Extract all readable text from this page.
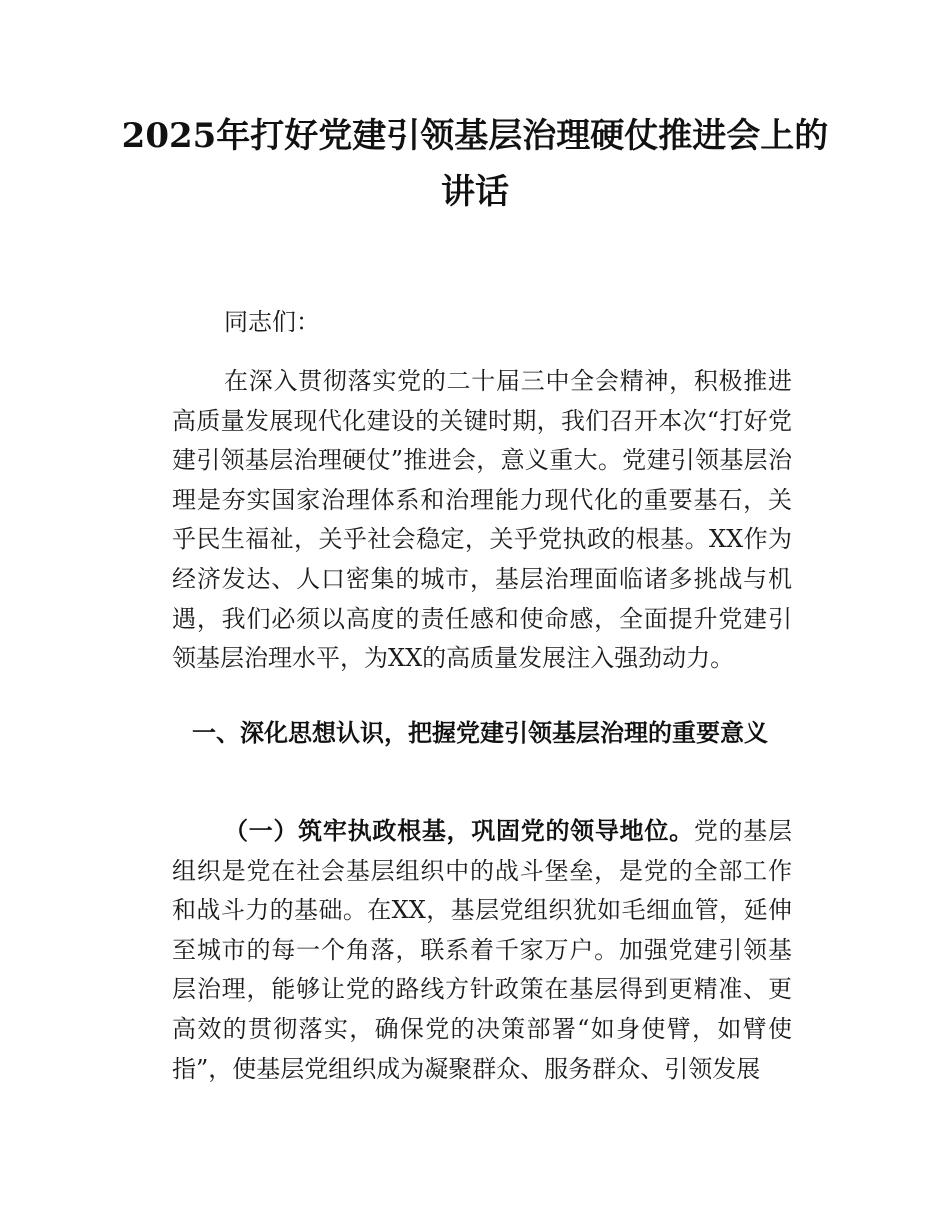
2025年打好党建引领基层治理硬仗推进会上的讲话

同志们：

在深入贯彻落实党的二十届三中全会精神，积极推进高质量发展现代化建设的关键时期，我们召开本次“打好党建引领基层治理硬仗”推进会，意义重大。党建引领基层治理是夯实国家治理体系和治理能力现代化的重要基石，关乎民生福祉，关乎社会稳定，关乎党执政的根基。XX作为经济发达、人口密集的城市，基层治理面临诸多挑战与机遇，我们必须以高度的责任感和使命感，全面提升党建引领基层治理水平，为XX的高质量发展注入强劲动力。

一、深化思想认识，把握党建引领基层治理的重要意义

（一）筑牢执政根基，巩固党的领导地位。党的基层组织是党在社会基层组织中的战斗堡垒，是党的全部工作和战斗力的基础。在XX，基层党组织犹如毛细血管，延伸至城市的每一个角落，联系着千家万户。加强党建引领基层治理，能够让党的路线方针政策在基层得到更精准、更高效的贯彻落实，确保党的决策部署“如身使臂，如臂使指”，使基层党组织成为凝聚群众、服务群众、引领发展
